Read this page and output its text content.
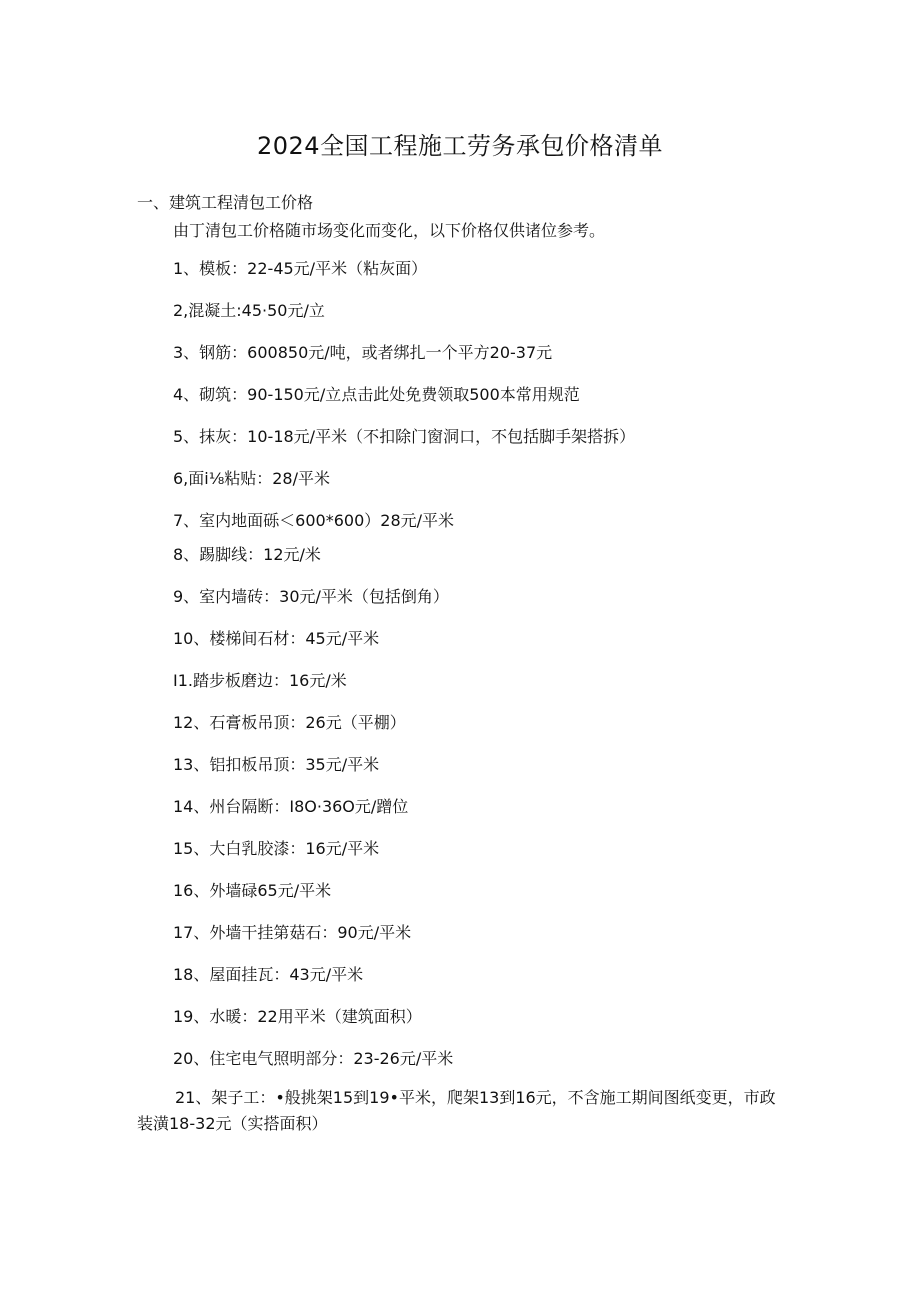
2024全国工程施工劳务承包价格清单

一、建筑工程清包工价格

由丁清包工价格随市场变化而变化，以下价格仅供诸位参考。

1、模板：22-45元/平米（粘灰面）

2,混凝土:45·50元/立

3、钢筋：600850元/吨，或者绑扎一个平方20-37元

4、砌筑：90-150元/立点击此处免费领取500本常用规范

5、抹灰：10-18元/平米（不扣除门窗洞口，不包括脚手架搭拆）

6,面i⅛粘贴：28/平米

7、室内地面砾＜600*600）28元/平米

8、踢脚线：12元/米

9、室内墙砖：30元/平米（包括倒角）

10、楼梯间石材：45元/平米

I1.踏步板磨边：16元/米

12、石膏板吊顶：26元（平棚）

13、铝扣板吊顶：35元/平米

14、州台隔断：I8O·36O元/蹭位

15、大白乳胶漆：16元/平米

16、外墙碌65元/平米

17、外墙干挂第菇石：90元/平米

18、屋面挂瓦：43元/平米

19、水暖：22用平米（建筑面积）

20、住宅电气照明部分：23-26元/平米

21、架子工：•般挑架15到19•平米，爬架13到16元，不含施工期间图纸变更，市政装潢18-32元（实搭面积）
